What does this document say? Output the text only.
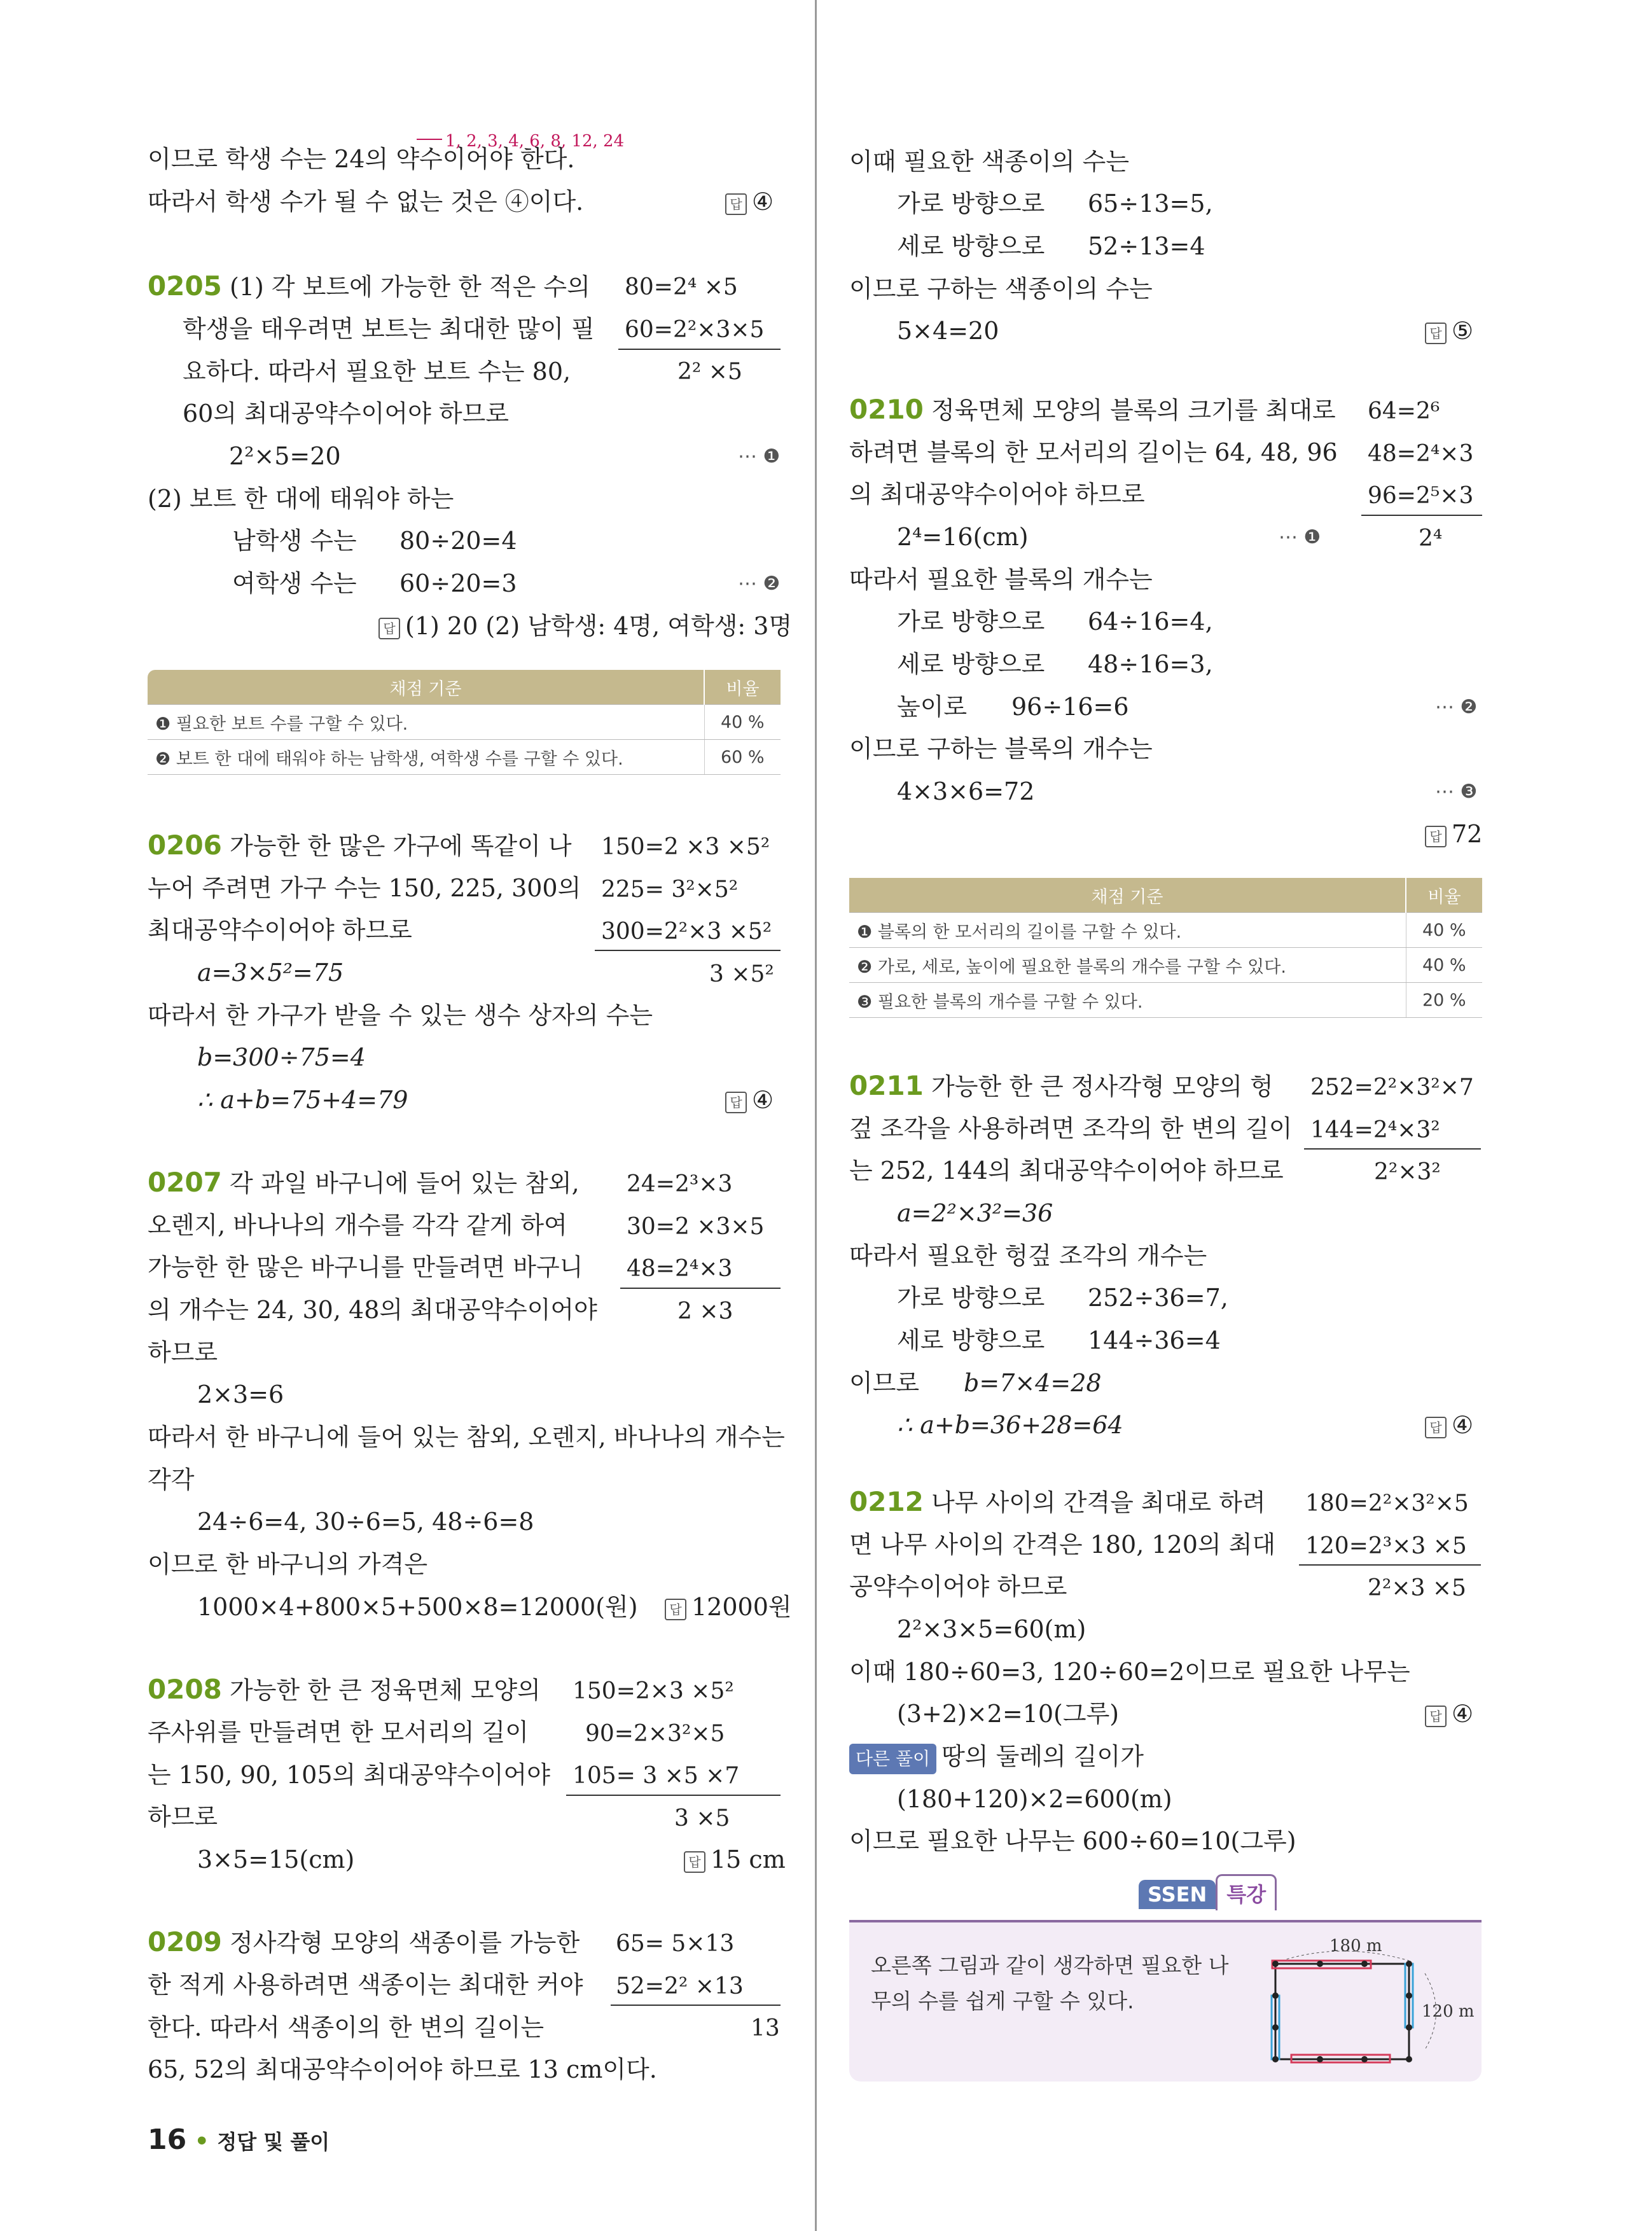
1, 2, 3, 4, 6, 8, 12, 24
이므로 학생 수는 24의 약수이어야 한다.
따라서 학생 수가 될 수 없는 것은 ④이다.	답 ④
0205 (1) 각 보트에 가능한 한 적은 수의
학생을 태우려면 보트는 최대한 많이 필
요하다. 따라서 필요한 보트 수는 80,
60의 최대공약수이어야 하므로
2²×5=20	⋯ ❶
(2) 보트 한 대에 태워야 하는
남학생 수는 80÷20=4
여학생 수는 60÷20=3	⋯ ❷
답 (1) 20 (2) 남학생: 4명, 여학생: 3명
80=2⁴ ×5
60=2²×3×5
2² ×5
채점 기준	비율
❶ 필요한 보트 수를 구할 수 있다.	40 %
❷ 보트 한 대에 태워야 하는 남학생, 여학생 수를 구할 수 있다.	60 %
0206 가능한 한 많은 가구에 똑같이 나
누어 주려면 가구 수는 150, 225, 300의
최대공약수이어야 하므로
a=3×5²=75
따라서 한 가구가 받을 수 있는 생수 상자의 수는
b=300÷75=4
∴ a+b=75+4=79	답 ④
150=2 ×3 ×5²
225= 3²×5²
300=2²×3 ×5²
3 ×5²
0207 각 과일 바구니에 들어 있는 참외,
오렌지, 바나나의 개수를 각각 같게 하여
가능한 한 많은 바구니를 만들려면 바구니
의 개수는 24, 30, 48의 최대공약수이어야
하므로
2×3=6
따라서 한 바구니에 들어 있는 참외, 오렌지, 바나나의 개수는
각각
24÷6=4, 30÷6=5, 48÷6=8
이므로 한 바구니의 가격은
1000×4+800×5+500×8=12000(원)	답 12000원
24=2³×3
30=2 ×3×5
48=2⁴×3
2 ×3
0208 가능한 한 큰 정육면체 모양의
주사위를 만들려면 한 모서리의 길이
는 150, 90, 105의 최대공약수이어야
하므로
3×5=15(cm)	답 15 cm
150=2×3 ×5²
90=2×3²×5
105= 3 ×5 ×7
3 ×5
0209 정사각형 모양의 색종이를 가능한
한 적게 사용하려면 색종이는 최대한 커야
한다. 따라서 색종이의 한 변의 길이는
65, 52의 최대공약수이어야 하므로 13 cm이다.
65= 5×13
52=2² ×13
13
16 • 정답 및 풀이
이때 필요한 색종이의 수는
가로 방향으로 65÷13=5,
세로 방향으로 52÷13=4
이므로 구하는 색종이의 수는
5×4=20	답 ⑤
0210 정육면체 모양의 블록의 크기를 최대로
하려면 블록의 한 모서리의 길이는 64, 48, 96
의 최대공약수이어야 하므로
2⁴=16(cm)	⋯ ❶
따라서 필요한 블록의 개수는
가로 방향으로 64÷16=4,
세로 방향으로 48÷16=3,
높이로 96÷16=6	⋯ ❷
이므로 구하는 블록의 개수는
4×3×6=72	⋯ ❸
답 72
64=2⁶
48=2⁴×3
96=2⁵×3
2⁴
채점 기준	비율
❶ 블록의 한 모서리의 길이를 구할 수 있다.	40 %
❷ 가로, 세로, 높이에 필요한 블록의 개수를 구할 수 있다.	40 %
❸ 필요한 블록의 개수를 구할 수 있다.	20 %
0211 가능한 한 큰 정사각형 모양의 헝
겊 조각을 사용하려면 조각의 한 변의 길이
는 252, 144의 최대공약수이어야 하므로
a=2²×3²=36
따라서 필요한 헝겊 조각의 개수는
가로 방향으로 252÷36=7,
세로 방향으로 144÷36=4
이므로 b=7×4=28
∴ a+b=36+28=64	답 ④
252=2²×3²×7
144=2⁴×3²
2²×3²
0212 나무 사이의 간격을 최대로 하려
면 나무 사이의 간격은 180, 120의 최대
공약수이어야 하므로
2²×3×5=60(m)
이때 180÷60=3, 120÷60=2이므로 필요한 나무는
(3+2)×2=10(그루)	답 ④
다른 풀이 땅의 둘레의 길이가
(180+120)×2=600(m)
이므로 필요한 나무는 600÷60=10(그루)
180=2²×3²×5
120=2³×3 ×5
2²×3 ×5
SSEN 특강
오른쪽 그림과 같이 생각하면 필요한 나
무의 수를 쉽게 구할 수 있다.
180 m
120 m
